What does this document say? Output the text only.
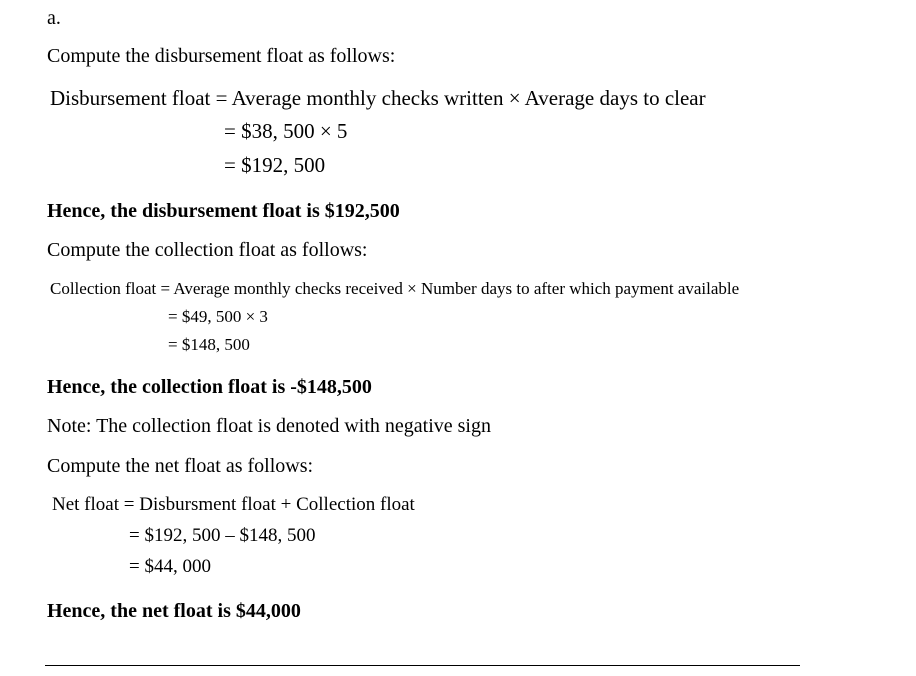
a.
Compute the disbursement float as follows:
Disbursement float = Average monthly checks written × Average days to clear
= $38, 500 × 5
= $192, 500
Hence, the disbursement float is $192,500
Compute the collection float as follows:
Collection float = Average monthly checks received × Number days to after which payment available
= $49, 500 × 3
= $148, 500
Hence, the collection float is -$148,500
Note: The collection float is denoted with negative sign
Compute the net float as follows:
Net float = Disbursment float + Collection float
= $192, 500 – $148, 500
= $44, 000
Hence, the net float is $44,000
